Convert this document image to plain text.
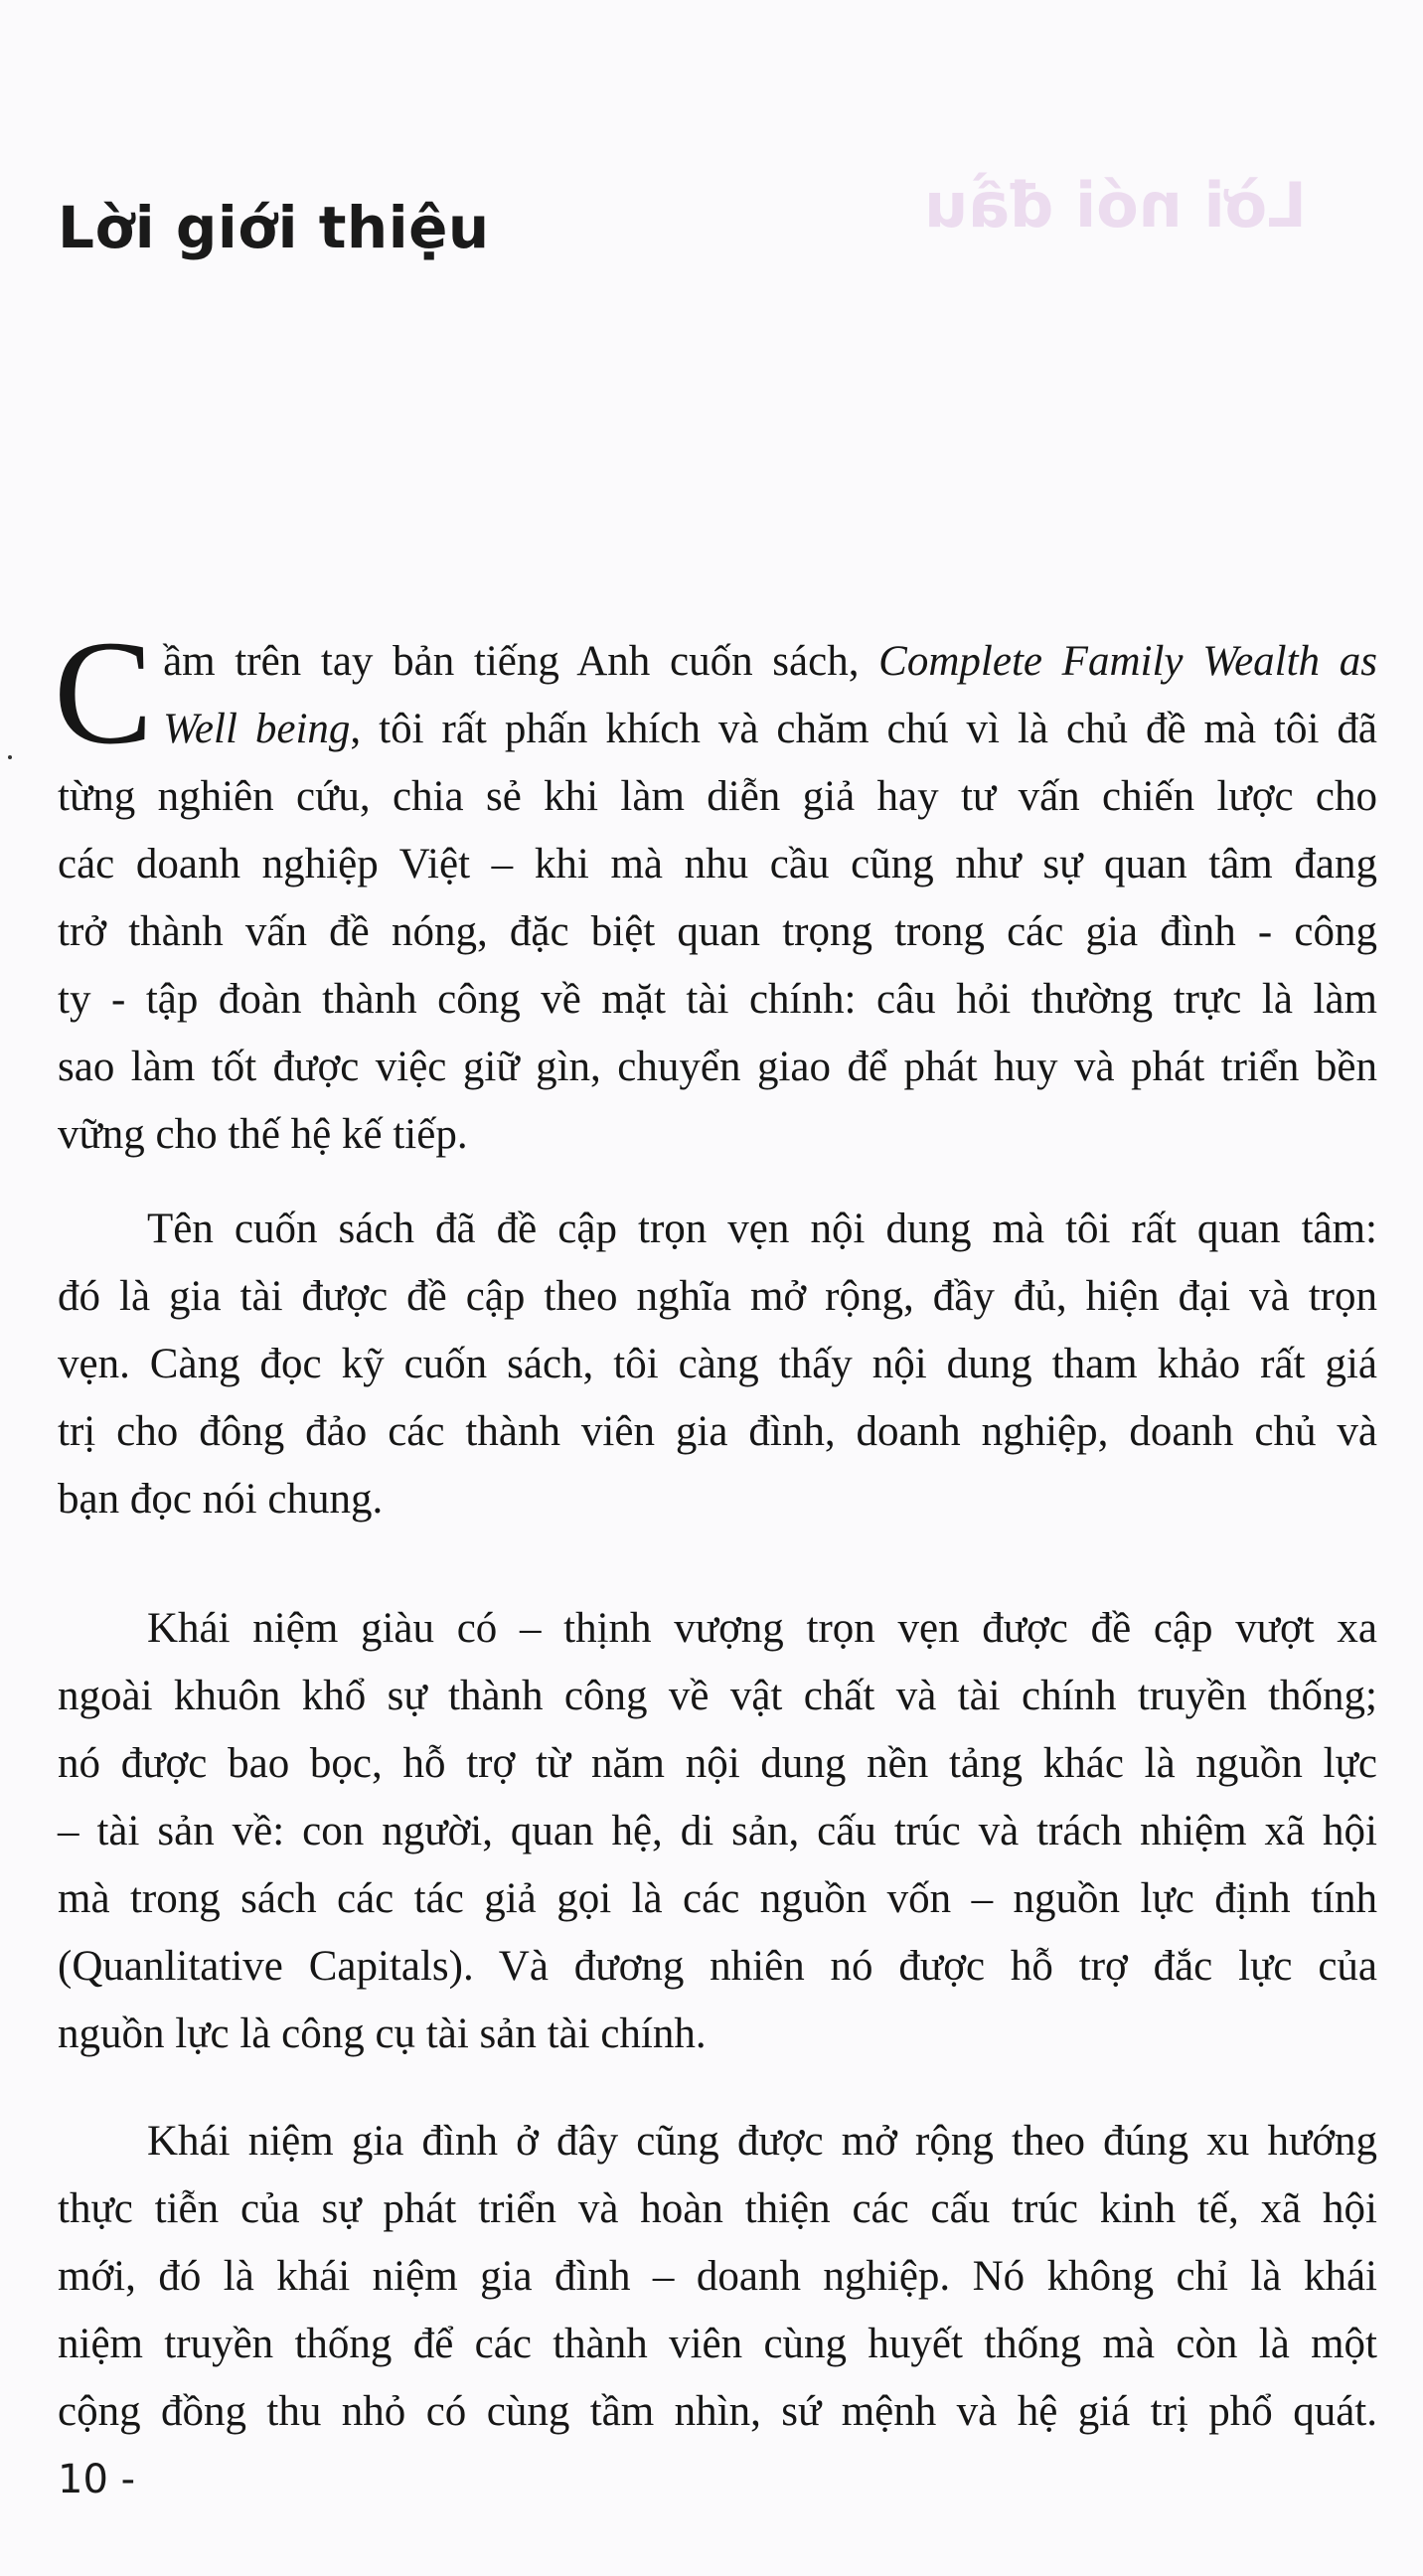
Lời nói đầu
Lời giới thiệu

C ầm trên tay bản tiếng Anh cuốn sách, Complete Family Wealth as
Well being, tôi rất phấn khích và chăm chú vì là chủ đề mà tôi đã
từng nghiên cứu, chia sẻ khi làm diễn giả hay tư vấn chiến lược cho
các doanh nghiệp Việt – khi mà nhu cầu cũng như sự quan tâm đang
trở thành vấn đề nóng, đặc biệt quan trọng trong các gia đình - công
ty - tập đoàn thành công về mặt tài chính: câu hỏi thường trực là làm
sao làm tốt được việc giữ gìn, chuyển giao để phát huy và phát triển bền
vững cho thế hệ kế tiếp.

Tên cuốn sách đã đề cập trọn vẹn nội dung mà tôi rất quan tâm:
đó là gia tài được đề cập theo nghĩa mở rộng, đầy đủ, hiện đại và trọn
vẹn. Càng đọc kỹ cuốn sách, tôi càng thấy nội dung tham khảo rất giá
trị cho đông đảo các thành viên gia đình, doanh nghiệp, doanh chủ và
bạn đọc nói chung.

Khái niệm giàu có – thịnh vượng trọn vẹn được đề cập vượt xa
ngoài khuôn khổ sự thành công về vật chất và tài chính truyền thống;
nó được bao bọc, hỗ trợ từ năm nội dung nền tảng khác là nguồn lực
– tài sản về: con người, quan hệ, di sản, cấu trúc và trách nhiệm xã hội
mà trong sách các tác giả gọi là các nguồn vốn – nguồn lực định tính
(Quanlitative Capitals). Và đương nhiên nó được hỗ trợ đắc lực của
nguồn lực là công cụ tài sản tài chính.

Khái niệm gia đình ở đây cũng được mở rộng theo đúng xu hướng
thực tiễn của sự phát triển và hoàn thiện các cấu trúc kinh tế, xã hội
mới, đó là khái niệm gia đình – doanh nghiệp. Nó không chỉ là khái
niệm truyền thống để các thành viên cùng huyết thống mà còn là một
cộng đồng thu nhỏ có cùng tầm nhìn, sứ mệnh và hệ giá trị phổ quát.

10 -
